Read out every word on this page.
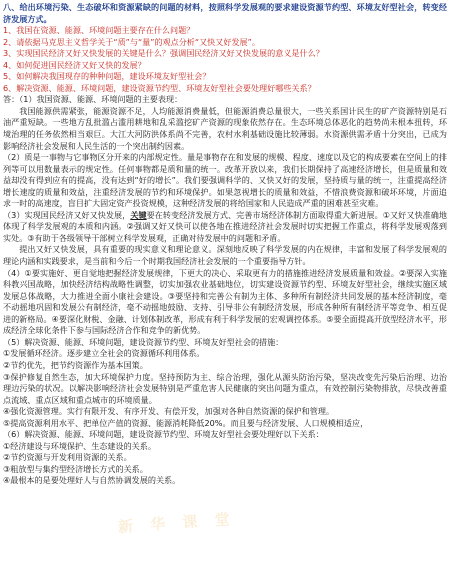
八、给出环境污染、生态破坏和资源紧缺的问题的材料，按照科学发展观的要求建设资源节约型、环境友好型社会，转变经济发展方式。

1、我国在资源、能源、环境问题主要存在什么问题？

2、请依据马克思主义哲学关于“质”与“量”的观点分析“又快又好发展”。

3、实现国民经济又好又快发展的关键是什么？强调国民经济又好又快发展的意义是什么？

4、如何促进国民经济又好又快的发展？

5、如何解决我国现存的种种问题，建设环境友好型社会？

6、解决资源、能源、环境问题，建设资源节约型、环境友好型社会要处理好哪些关系？

答：（1）我国资源、能源、环境问题的主要表现：

我国能源供需紧张，能源资源不足，人均能源消费量低，但能源消费总量很大，一些关系国计民生的矿产资源特别是石油严重短缺。一些地方乱批滥占滥用耕地和乱采滥挖矿产资源的现象依然存在。生态环境总体恶化的趋势尚未根本扭转，环境治理的任务依然相当艰巨。大江大河防洪体系尚不完善，农村水利基础设施比较薄弱。水资源供需矛盾十分突出，已成为影响经济社会发展和人民生活的一个突出制约因素。

（2）质是一事物与它事物区分开来的内部规定性。量是事物存在和发展的规模、程度、速度以及它的构成要素在空间上的排列等可以用数量表示的规定性。任何事物都是质和量的统一。改革开放以来，我们长期保持了高速经济增长，但是质量和效益却没有得到应有的提高，没有达到“好的增长”。我们要强调科学的、又快又好的发展，坚持质与量的统一，注重提高经济增长速度的质量和效益，注重经济发展的节约和环境保护。如果忽视增长的质量和效益，不惜浪费资源和破坏环境，片面追求一时的高速度，盲目扩大固定资产投资规模，这种经济发展的将给国家和人民造成严重的困难甚至灾难。

（3）实现国民经济又好又快发展，关键要在转变经济发展方式、完善市场经济体制方面取得重大新进展。①又好又快准确地体现了科学发展观的本质和内涵。②强调又好又快可以使各地在推进经济社会发展时切实把握工作重点，将科学发展观落到实处。③有助于各级领导干部树立科学发展观，正确对待发展中的问题和矛盾。

提出又好又快发展，具有重要的现实意义和理论意义。深刻地反映了科学发展的内在规律，丰富和发展了科学发展观的理论内涵和实践要求，是当前和今后一个时期我国经济社会发展的一个重要指导方针。

（4）①要实施好、更自觉地把握经济发展规律，下更大的决心、采取更有力的措施推进经济发展质量和效益。②要深入实施科教兴国战略，加快经济结构战略性调整，切实加强农业基础地位，切实建设资源节约型、环境友好型社会，继续实施区域发展总体战略，大力推进全面小康社会建设。③要坚持和完善公有制为主体、多种所有制经济共同发展的基本经济制度，毫不动摇地巩固和发展公有制经济，毫不动摇地鼓励、支持、引导非公有制经济发展，形成各种所有制经济平等竞争、相互促进的新格局。④要深化财税、金融、计划体制改革，形成有利于科学发展的宏观调控体系。⑤要全面提高开放型经济水平，形成经济全球化条件下参与国际经济合作和竞争的新优势。

（5）解决资源、能源、环境问题，建设资源节约型、环境友好型社会的措施：

①发展循环经济。逐步建立全社会的资源循环利用体系。

②节约优先，把节约资源作为基本国策。

③保护修复自然生态，加大环境保护力度。坚持预防为主、综合治理，强化从源头防治污染，坚决改变先污染后治理、边治理边污染的状况。以解决影响经济社会发展特别是严重危害人民健康的突出问题为重点，有效控制污染物排放，尽快改善重点流域、重点区域和重点城市的环境质量。

④强化资源管理。实行有限开发、有序开发、有偿开发，加强对各种自然资源的保护和管理。

⑤提高资源利用水平、把单位产值的资源、能源消耗降低20%。而且要与经济发展、人口规模相适应，

（6）解决资源、能源、环境问题，建设资源节约型、环境友好型社会要处理好以下关系：

①经济建设与环境保护、生态建设的关系。

②节约资源与开发利用资源的关系。

③粗放型与集约型经济增长方式的关系。

④最根本的是要处理好人与自然协调发展的关系。

新 华 课 堂
